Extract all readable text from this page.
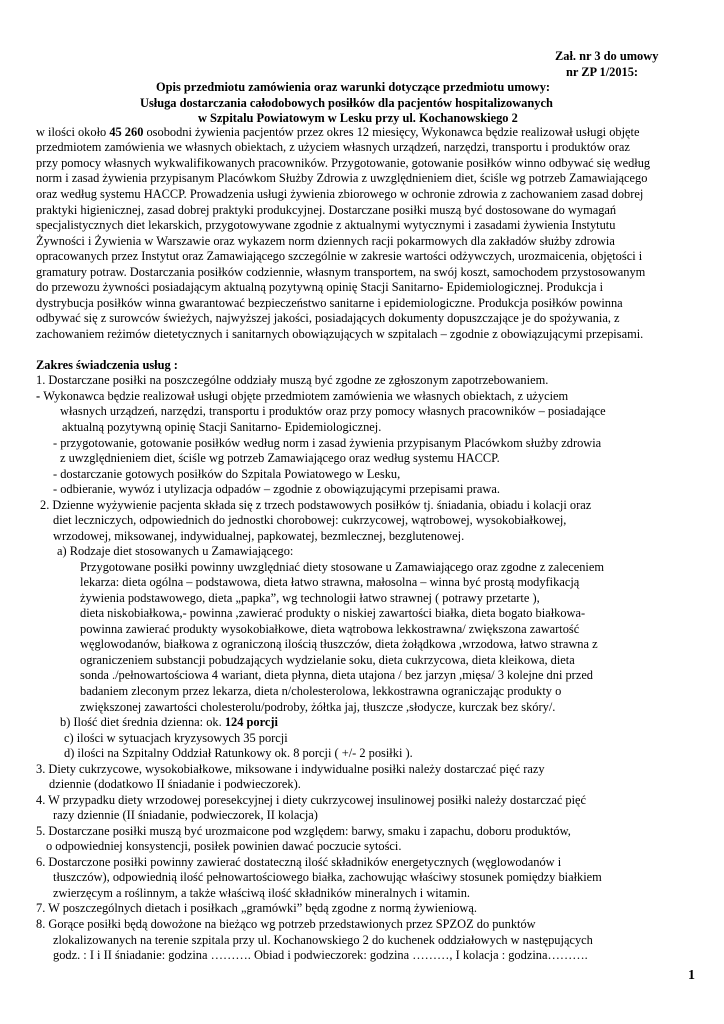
Zał. nr 3 do umowy
nr ZP 1/2015:
Opis przedmiotu zamówienia oraz warunki dotyczące przedmiotu umowy:
Usługa dostarczania całodobowych posiłków dla pacjentów hospitalizowanych
w Szpitalu Powiatowym w Lesku przy ul. Kochanowskiego 2
w ilości około 45 260 osobodni żywienia pacjentów przez okres 12 miesięcy, Wykonawca będzie realizował usługi objęte
przedmiotem zamówienia we własnych obiektach, z użyciem własnych urządzeń, narzędzi, transportu i produktów oraz
przy pomocy własnych wykwalifikowanych pracowników. Przygotowanie, gotowanie posiłków winno odbywać się według
norm i zasad żywienia przypisanym Placówkom Służby Zdrowia z uwzględnieniem diet, ściśle wg potrzeb Zamawiającego
oraz według systemu HACCP. Prowadzenia usługi żywienia zbiorowego w ochronie zdrowia z zachowaniem zasad dobrej
praktyki higienicznej, zasad dobrej praktyki produkcyjnej. Dostarczane posiłki muszą być dostosowane do wymagań
specjalistycznych diet lekarskich, przygotowywane zgodnie z aktualnymi wytycznymi i zasadami żywienia Instytutu
Żywności i Żywienia w Warszawie oraz wykazem norm dziennych racji pokarmowych dla zakładów służby zdrowia
opracowanych przez Instytut oraz Zamawiającego szczególnie w zakresie wartości odżywczych, urozmaicenia, objętości i
gramatury potraw. Dostarczania posiłków codziennie, własnym transportem, na swój koszt, samochodem przystosowanym
do przewozu żywności posiadającym aktualną pozytywną opinię Stacji Sanitarno- Epidemiologicznej. Produkcja i
dystrybucja posiłków winna gwarantować bezpieczeństwo sanitarne i epidemiologiczne. Produkcja posiłków powinna
odbywać się z surowców świeżych, najwyższej jakości, posiadających dokumenty dopuszczające je do spożywania, z
zachowaniem reżimów dietetycznych i sanitarnych obowiązujących w szpitalach – zgodnie z obowiązującymi przepisami.
Zakres świadczenia usług :
1. Dostarczane posiłki na poszczególne oddziały muszą być zgodne ze zgłoszonym zapotrzebowaniem.
- Wykonawca będzie realizował usługi objęte przedmiotem zamówienia we własnych obiektach, z użyciem
własnych urządzeń, narzędzi, transportu i produktów oraz przy pomocy własnych pracowników – posiadające
aktualną pozytywną opinię Stacji Sanitarno- Epidemiologicznej.
- przygotowanie, gotowanie posiłków według norm i zasad żywienia przypisanym Placówkom służby zdrowia
z uwzględnieniem diet, ściśle wg potrzeb Zamawiającego oraz według systemu HACCP.
- dostarczanie gotowych posiłków do Szpitala Powiatowego w Lesku,
- odbieranie, wywóz i utylizacja odpadów – zgodnie z obowiązującymi przepisami prawa.
2. Dzienne wyżywienie pacjenta składa się z trzech podstawowych posiłków tj. śniadania, obiadu i kolacji oraz
diet leczniczych, odpowiednich do jednostki chorobowej: cukrzycowej, wątrobowej, wysokobiałkowej,
wrzodowej, miksowanej, indywidualnej, papkowatej, bezmlecznej, bezglutenowej.
a) Rodzaje diet stosowanych u Zamawiającego:
Przygotowane posiłki powinny uwzględniać diety stosowane u Zamawiającego oraz zgodne z zaleceniem
lekarza: dieta ogólna – podstawowa, dieta łatwo strawna, małosolna – winna być prostą modyfikacją
żywienia podstawowego, dieta „papka”, wg technologii łatwo strawnej ( potrawy przetarte ),
dieta niskobiałkowa,- powinna ,zawierać produkty o niskiej zawartości białka, dieta bogato białkowa-
powinna zawierać produkty wysokobiałkowe, dieta wątrobowa lekkostrawna/ zwiększona zawartość
węglowodanów, białkowa z ograniczoną ilością tłuszczów, dieta żołądkowa ,wrzodowa, łatwo strawna z
ograniczeniem substancji pobudzających wydzielanie soku, dieta cukrzycowa, dieta kleikowa, dieta
sonda ./pełnowartościowa 4 wariant, dieta płynna, dieta utajona / bez jarzyn ,mięsa/ 3 kolejne dni przed
badaniem zleconym przez lekarza, dieta n/cholesterolowa, lekkostrawna ograniczając produkty o
zwiększonej zawartości cholesterolu/podroby, żółtka jaj, tłuszcze ,słodycze, kurczak bez skóry/.
b) Ilość diet średnia dzienna: ok. 124 porcji
c) ilości w sytuacjach kryzysowych 35 porcji
d) ilości na Szpitalny Oddział Ratunkowy ok. 8 porcji ( +/- 2 posiłki ).
3. Diety cukrzycowe, wysokobiałkowe, miksowane i indywidualne posiłki należy dostarczać pięć razy
dziennie (dodatkowo II śniadanie i podwieczorek).
4. W przypadku diety wrzodowej poresekcyjnej i diety cukrzycowej insulinowej posiłki należy dostarczać pięć
razy dziennie (II śniadanie, podwieczorek, II kolacja)
5. Dostarczane posiłki muszą być urozmaicone pod względem: barwy, smaku i zapachu, doboru produktów,
o odpowiedniej konsystencji, posiłek powinien dawać poczucie sytości.
6. Dostarczone posiłki powinny zawierać dostateczną ilość składników energetycznych (węglowodanów i
tłuszczów), odpowiednią ilość pełnowartościowego białka, zachowując właściwy stosunek pomiędzy białkiem
zwierzęcym a roślinnym, a także właściwą ilość składników mineralnych i witamin.
7. W poszczególnych dietach i posiłkach „gramówki” będą zgodne z normą żywieniową.
8. Gorące posiłki będą dowożone na bieżąco wg potrzeb przedstawionych przez SPZOZ do punktów
zlokalizowanych na terenie szpitala przy ul. Kochanowskiego 2 do kuchenek oddziałowych w następujących
godz. : I i II śniadanie: godzina ………. Obiad i podwieczorek: godzina ………, I kolacja : godzina……….
1
